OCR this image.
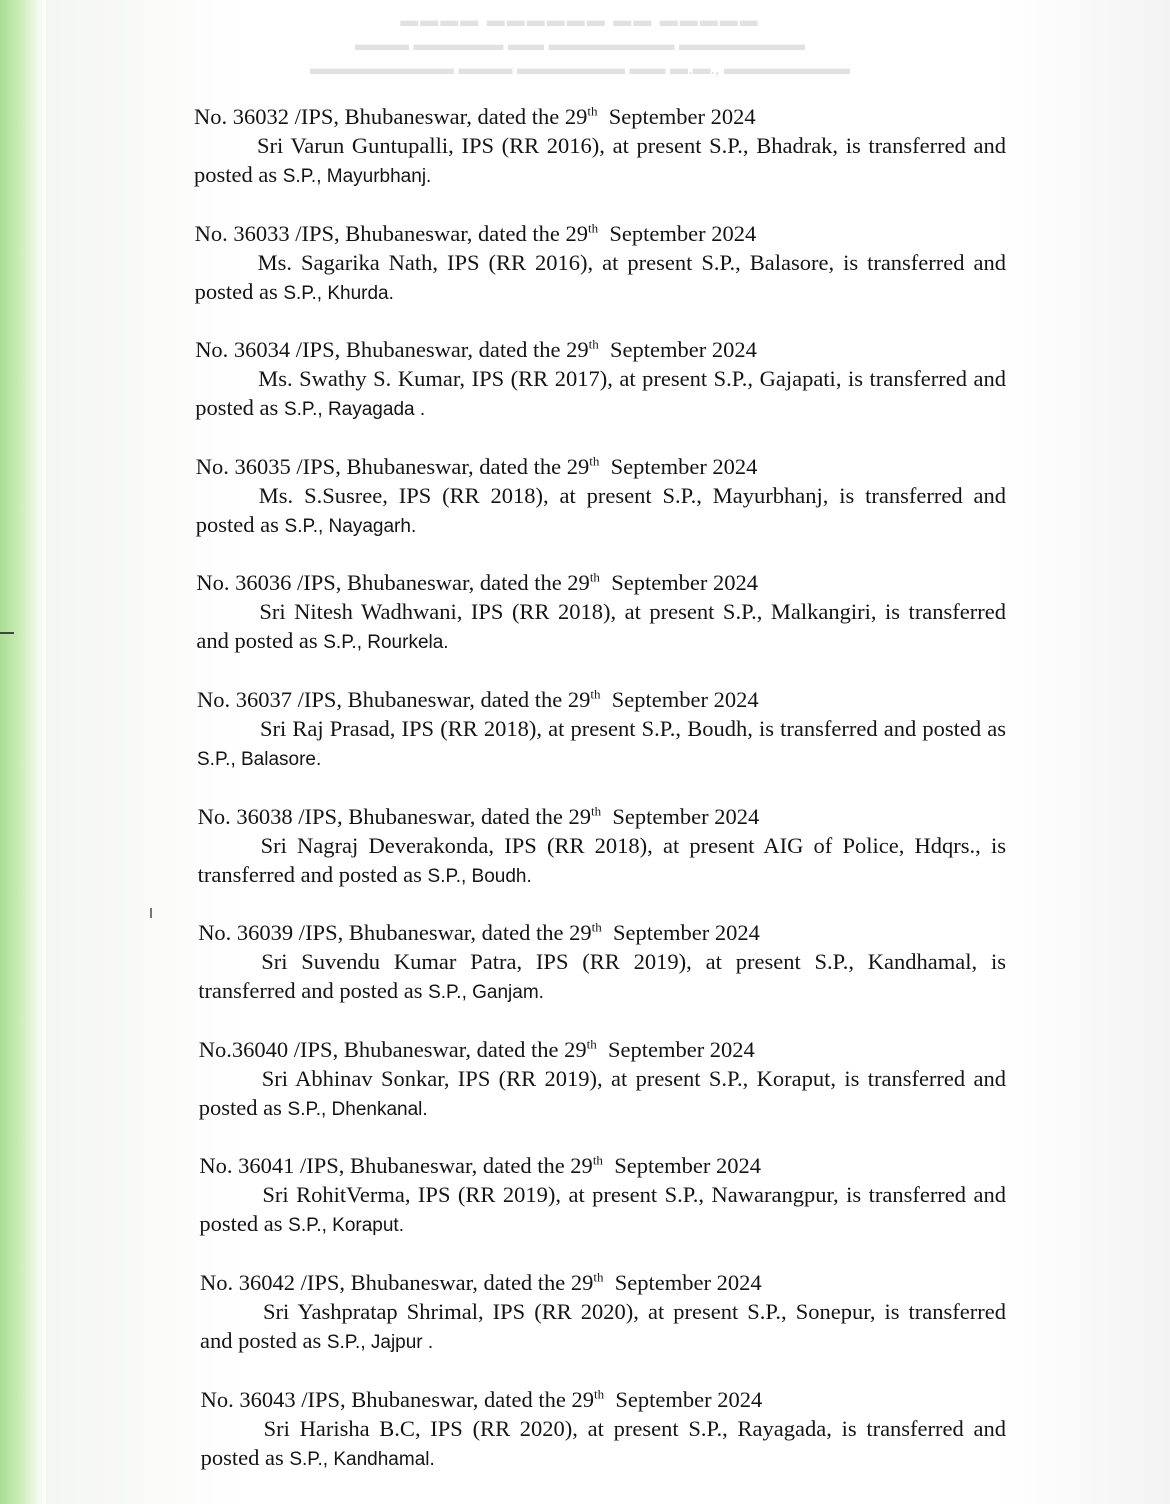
▬▬▬▬ ▬▬▬▬▬▬ ▬▬ ▬▬▬▬▬
▬▬▬ ▬▬▬▬▬ ▬▬ ▬▬▬▬▬▬▬ ▬▬▬▬▬▬▬
▬▬▬▬▬▬▬▬ ▬▬▬ ▬▬▬▬▬▬ ▬▬ ▬.▬., ▬▬▬▬▬▬▬
No. 36032 /IPS, Bhubaneswar, dated the 29th  September 2024
Sri Varun Guntupalli, IPS (RR 2016), at present S.P., Bhadrak, is transferred and posted as S.P., Mayurbhanj.
No. 36033 /IPS, Bhubaneswar, dated the 29th  September 2024
Ms. Sagarika Nath, IPS (RR 2016), at present S.P., Balasore, is transferred and posted as S.P., Khurda.
No. 36034 /IPS, Bhubaneswar, dated the 29th  September 2024
Ms. Swathy S. Kumar, IPS (RR 2017), at present S.P., Gajapati, is transferred and posted as S.P., Rayagada .
No. 36035 /IPS, Bhubaneswar, dated the 29th  September 2024
Ms. S.Susree, IPS (RR 2018), at present S.P., Mayurbhanj, is transferred and posted as S.P., Nayagarh.
No. 36036 /IPS, Bhubaneswar, dated the 29th  September 2024
Sri Nitesh Wadhwani, IPS (RR 2018), at present S.P., Malkangiri, is transferred and posted as S.P., Rourkela.
No. 36037 /IPS, Bhubaneswar, dated the 29th  September 2024
Sri Raj Prasad, IPS (RR 2018), at present S.P., Boudh, is transferred and posted as S.P., Balasore.
No. 36038 /IPS, Bhubaneswar, dated the 29th  September 2024
Sri Nagraj Deverakonda, IPS (RR 2018), at present AIG of Police, Hdqrs., is transferred and posted as S.P., Boudh.
No. 36039 /IPS, Bhubaneswar, dated the 29th  September 2024
Sri Suvendu Kumar Patra, IPS (RR 2019), at present S.P., Kandhamal, is transferred and posted as S.P., Ganjam.
No.36040 /IPS, Bhubaneswar, dated the 29th  September 2024
Sri Abhinav Sonkar, IPS (RR 2019), at present S.P., Koraput, is transferred and posted as S.P., Dhenkanal.
No. 36041 /IPS, Bhubaneswar, dated the 29th  September 2024
Sri RohitVerma, IPS (RR 2019), at present S.P., Nawarangpur, is transferred and posted as S.P., Koraput.
No. 36042 /IPS, Bhubaneswar, dated the 29th  September 2024
Sri Yashpratap Shrimal, IPS (RR 2020), at present S.P., Sonepur, is transferred and posted as S.P., Jajpur .
No. 36043 /IPS, Bhubaneswar, dated the 29th  September 2024
Sri Harisha B.C, IPS (RR 2020), at present S.P., Rayagada, is transferred and posted as S.P., Kandhamal.
